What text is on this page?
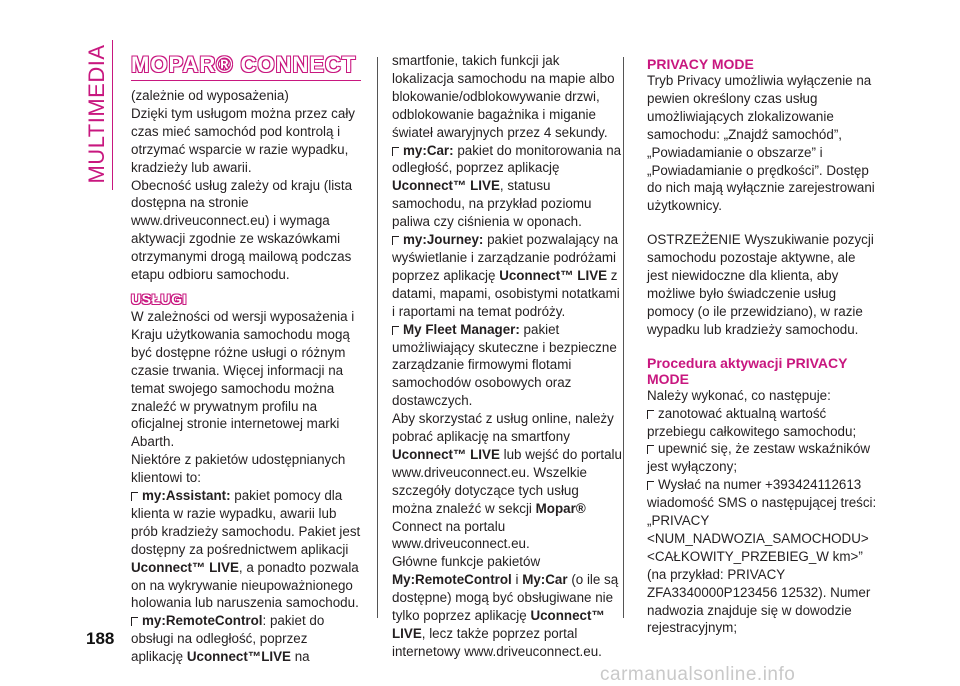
MULTIMEDIA
188
MOPAR® CONNECT

(zależnie od wyposażenia)
Dzięki tym usługom można przez cały czas mieć samochód pod kontrolą i otrzymać wsparcie w razie wypadku, kradzieży lub awarii.
Obecność usług zależy od kraju (lista dostępna na stronie www.driveuconnect.eu) i wymaga aktywacji zgodnie ze wskazówkami otrzymanymi drogą mailową podczas etapu odbioru samochodu.

USŁUGI

W zależności od wersji wyposażenia i Kraju użytkowania samochodu mogą być dostępne różne usługi o różnym czasie trwania. Więcej informacji na temat swojego samochodu można znaleźć w prywatnym profilu na oficjalnej stronie internetowej marki Abarth.
Niektóre z pakietów udostępnianych klientowi to:

my:Assistant: pakiet pomocy dla klienta w razie wypadku, awarii lub prób kradzieży samochodu. Pakiet jest dostępny za pośrednictwem aplikacji Uconnect™ LIVE, a ponadto pozwala on na wykrywanie nieupoważnionego holowania lub naruszenia samochodu.

my:RemoteControl: pakiet do obsługi na odległość, poprzez aplikację Uconnect™LIVE na

smartfonie, takich funkcji jak lokalizacja samochodu na mapie albo blokowanie/odblokowywanie drzwi, odblokowanie bagażnika i miganie świateł awaryjnych przez 4 sekundy.

my:Car: pakiet do monitorowania na odległość, poprzez aplikację Uconnect™ LIVE, statusu samochodu, na przykład poziomu paliwa czy ciśnienia w oponach.

my:Journey: pakiet pozwalający na wyświetlanie i zarządzanie podróżami poprzez aplikację Uconnect™ LIVE z datami, mapami, osobistymi notatkami i raportami na temat podróży.

My Fleet Manager: pakiet umożliwiający skuteczne i bezpieczne zarządzanie firmowymi flotami samochodów osobowych oraz dostawczych.

Aby skorzystać z usług online, należy pobrać aplikację na smartfony Uconnect™ LIVE lub wejść do portalu www.driveuconnect.eu. Wszelkie szczegóły dotyczące tych usług można znaleźć w sekcji Mopar® Connect na portalu www.driveuconnect.eu.

Główne funkcje pakietów My:RemoteControl i My:Car (o ile są dostępne) mogą być obsługiwane nie tylko poprzez aplikację Uconnect™ LIVE, lecz także poprzez portal internetowy www.driveuconnect.eu.

PRIVACY MODE

Tryb Privacy umożliwia wyłączenie na pewien określony czas usług umożliwiających zlokalizowanie samochodu: „Znajdź samochód”, „Powiadamianie o obszarze” i „Powiadamianie o prędkości”. Dostęp do nich mają wyłącznie zarejestrowani użytkownicy.

OSTRZEŻENIE Wyszukiwanie pozycji samochodu pozostaje aktywne, ale jest niewidoczne dla klienta, aby możliwe było świadczenie usług pomocy (o ile przewidziano), w razie wypadku lub kradzieży samochodu.

Procedura aktywacji PRIVACY MODE

Należy wykonać, co następuje:

zanotować aktualną wartość przebiegu całkowitego samochodu;

upewnić się, że zestaw wskaźników jest wyłączony;

Wysłać na numer +393424112613 wiadomość SMS o następującej treści: „PRIVACY <NUM_NADWOZIA_SAMOCHODU> <CAŁKOWITY_PRZEBIEG_W km>” (na przykład: PRIVACY ZFA3340000P123456 12532). Numer nadwozia znajduje się w dowodzie rejestracyjnym;

carmanualsonline.info
